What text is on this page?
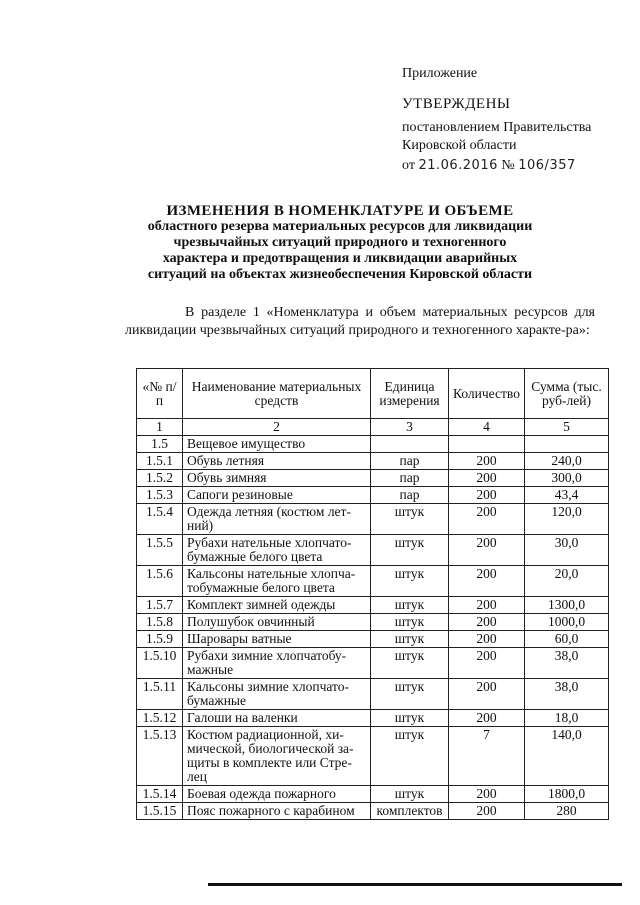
Приложение
УТВЕРЖДЕНЫ
постановлением Правительства
Кировской области
от 21.06.2016 № 106/357
ИЗМЕНЕНИЯ В НОМЕНКЛАТУРЕ И ОБЪЕМЕ
областного резерва материальных ресурсов для ликвидации чрезвычайных ситуаций природного и техногенного характера и предотвращения и ликвидации аварийных ситуаций на объектах жизнеобеспечения Кировской области
В разделе 1 «Номенклатура и объем материальных ресурсов для ликвидации чрезвычайных ситуаций природного и техногенного характе-ра»:
«№ п/п	Наименование материальных средств	Единица измерения	Количество	Сумма (тыс. руб-лей)
1	2	3	4	5
1.5	Вещевое имущество			
1.5.1	Обувь летняя	пар	200	240,0
1.5.2	Обувь зимняя	пар	200	300,0
1.5.3	Сапоги резиновые	пар	200	43,4
1.5.4	Одежда летняя (костюм лет-ний)	штук	200	120,0
1.5.5	Рубахи нательные хлопчато-бумажные белого цвета	штук	200	30,0
1.5.6	Кальсоны нательные хлопча-тобумажные белого цвета	штук	200	20,0
1.5.7	Комплект зимней одежды	штук	200	1300,0
1.5.8	Полушубок овчинный	штук	200	1000,0
1.5.9	Шаровары ватные	штук	200	60,0
1.5.10	Рубахи зимние хлопчатобу-мажные	штук	200	38,0
1.5.11	Кальсоны зимние хлопчато-бумажные	штук	200	38,0
1.5.12	Галоши на валенки	штук	200	18,0
1.5.13	Костюм радиационной, хи-мической, биологической за-щиты в комплекте или Стре-лец	штук	7	140,0
1.5.14	Боевая одежда пожарного	штук	200	1800,0
1.5.15	Пояс пожарного с карабином	комплектов	200	280
